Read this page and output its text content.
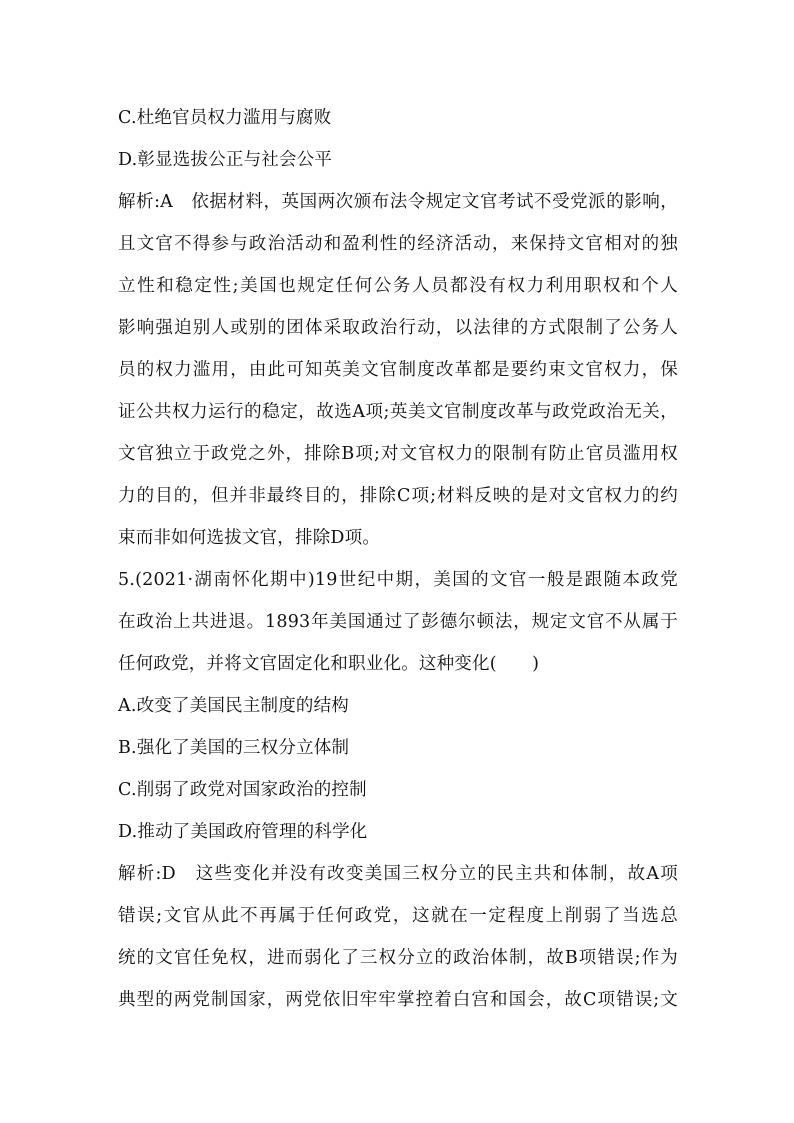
C.杜绝官员权力滥用与腐败
D.彰显选拔公正与社会公平
解析:A　依据材料，英国两次颁布法令规定文官考试不受党派的影响，
且文官不得参与政治活动和盈利性的经济活动，来保持文官相对的独
立性和稳定性;美国也规定任何公务人员都没有权力利用职权和个人
影响强迫别人或别的团体采取政治行动，以法律的方式限制了公务人
员的权力滥用，由此可知英美文官制度改革都是要约束文官权力，保
证公共权力运行的稳定，故选A项;英美文官制度改革与政党政治无关，
文官独立于政党之外，排除B项;对文官权力的限制有防止官员滥用权
力的目的，但并非最终目的，排除C项;材料反映的是对文官权力的约
束而非如何选拔文官，排除D项。
5.(2021·湖南怀化期中)19世纪中期，美国的文官一般是跟随本政党
在政治上共进退。1893年美国通过了彭德尔顿法，规定文官不从属于
任何政党，并将文官固定化和职业化。这种变化(　　)
A.改变了美国民主制度的结构
B.强化了美国的三权分立体制
C.削弱了政党对国家政治的控制
D.推动了美国政府管理的科学化
解析:D　这些变化并没有改变美国三权分立的民主共和体制，故A项
错误;文官从此不再属于任何政党，这就在一定程度上削弱了当选总
统的文官任免权，进而弱化了三权分立的政治体制，故B项错误;作为
典型的两党制国家，两党依旧牢牢掌控着白宫和国会，故C项错误;文
